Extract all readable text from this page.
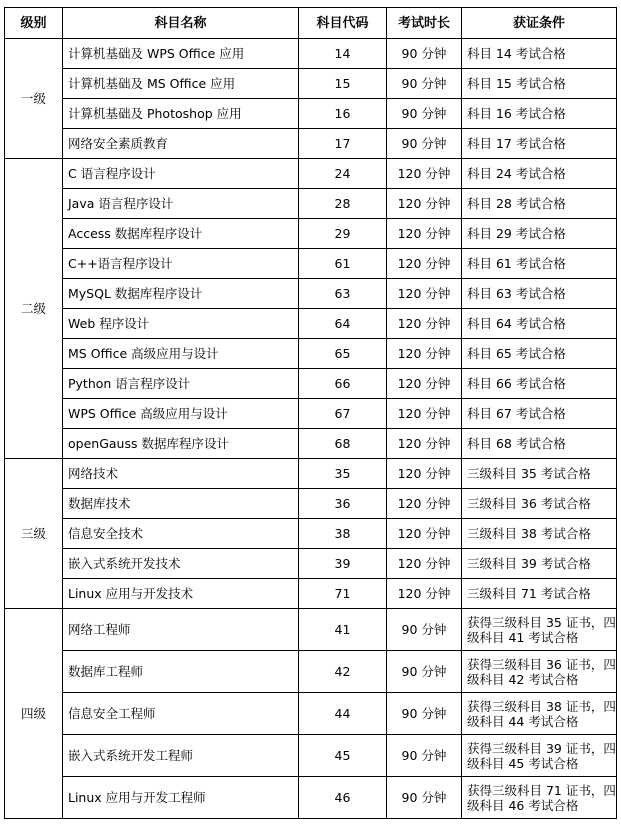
级别	科目名称	科目代码	考试时长	获证条件
一级	计算机基础及 WPS Office 应用	14	90 分钟	科目 14 考试合格
	计算机基础及 MS Office 应用	15	90 分钟	科目 15 考试合格
	计算机基础及 Photoshop 应用	16	90 分钟	科目 16 考试合格
	网络安全素质教育	17	90 分钟	科目 17 考试合格
二级	C 语言程序设计	24	120 分钟	科目 24 考试合格
	Java 语言程序设计	28	120 分钟	科目 28 考试合格
	Access 数据库程序设计	29	120 分钟	科目 29 考试合格
	C++语言程序设计	61	120 分钟	科目 61 考试合格
	MySQL 数据库程序设计	63	120 分钟	科目 63 考试合格
	Web 程序设计	64	120 分钟	科目 64 考试合格
	MS Office 高级应用与设计	65	120 分钟	科目 65 考试合格
	Python 语言程序设计	66	120 分钟	科目 66 考试合格
	WPS Office 高级应用与设计	67	120 分钟	科目 67 考试合格
	openGauss 数据库程序设计	68	120 分钟	科目 68 考试合格
三级	网络技术	35	120 分钟	三级科目 35 考试合格
	数据库技术	36	120 分钟	三级科目 36 考试合格
	信息安全技术	38	120 分钟	三级科目 38 考试合格
	嵌入式系统开发技术	39	120 分钟	三级科目 39 考试合格
	Linux 应用与开发技术	71	120 分钟	三级科目 71 考试合格
四级	网络工程师	41	90 分钟	获得三级科目 35 证书，四级科目 41 考试合格
	数据库工程师	42	90 分钟	获得三级科目 36 证书，四级科目 42 考试合格
	信息安全工程师	44	90 分钟	获得三级科目 38 证书，四级科目 44 考试合格
	嵌入式系统开发工程师	45	90 分钟	获得三级科目 39 证书，四级科目 45 考试合格
	Linux 应用与开发工程师	46	90 分钟	获得三级科目 71 证书，四级科目 46 考试合格
